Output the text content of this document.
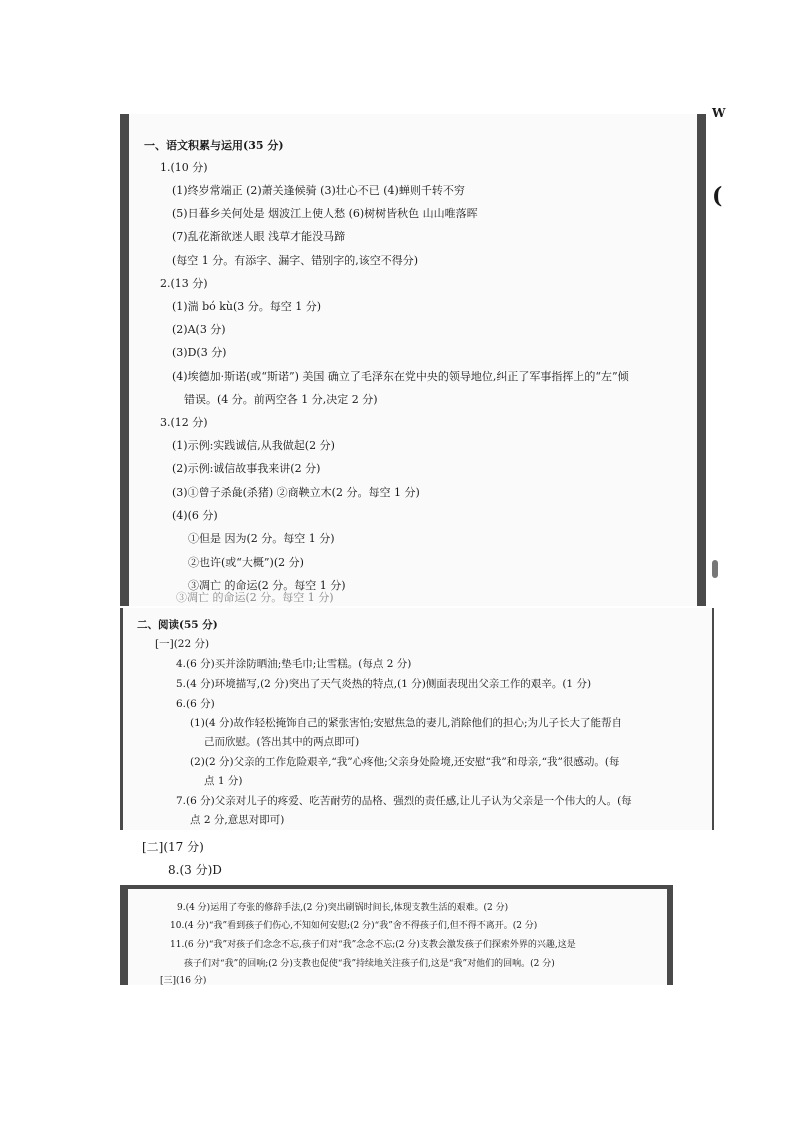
一、语文积累与运用(35 分)
1.(10 分)
(1)终岁常端正 (2)萧关逢候骑 (3)壮心不已 (4)蝉则千转不穷
(5)日暮乡关何处是 烟波江上使人愁 (6)树树皆秋色 山山唯落晖
(7)乱花渐欲迷人眼 浅草才能没马蹄
(每空 1 分。有添字、漏字、错别字的,该空不得分)
2.(13 分)
(1)湍 bó kù(3 分。每空 1 分)
(2)A(3 分)
(3)D(3 分)
(4)埃德加·斯诺(或“斯诺”) 美国 确立了毛泽东在党中央的领导地位,纠正了军事指挥上的“左”倾
错误。(4 分。前两空各 1 分,决定 2 分)
3.(12 分)
(1)示例:实践诚信,从我做起(2 分)
(2)示例:诚信故事我来讲(2 分)
(3)①曾子杀彘(杀猪) ②商鞅立木(2 分。每空 1 分)
(4)(6 分)
①但是 因为(2 分。每空 1 分)
②也许(或“大概”)(2 分)
③凋亡 的命运(2 分。每空 1 分)
③凋亡 的命运(2 分。每空 1 分)
W
(
二、阅读(55 分)
[一](22 分)
4.(6 分)买并涂防晒油;垫毛巾;让雪糕。(每点 2 分)
5.(4 分)环境描写,(2 分)突出了天气炎热的特点,(1 分)侧面表现出父亲工作的艰辛。(1 分)
6.(6 分)
(1)(4 分)故作轻松掩饰自己的紧张害怕;安慰焦急的妻儿,消除他们的担心;为儿子长大了能帮自
己而欣慰。(答出其中的两点即可)
(2)(2 分)父亲的工作危险艰辛,“我”心疼他;父亲身处险境,还安慰“我”和母亲,“我”很感动。(每
点 1 分)
7.(6 分)父亲对儿子的疼爱、吃苦耐劳的品格、强烈的责任感,让儿子认为父亲是一个伟大的人。(每
点 2 分,意思对即可)
[二](17 分)
8.(3 分)D
9.(4 分)运用了夸张的修辞手法,(2 分)突出刷锅时间长,体现支教生活的艰难。(2 分)
10.(4 分)“我”看到孩子们伤心,不知如何安慰;(2 分)“我”舍不得孩子们,但不得不离开。(2 分)
11.(6 分)“我”对孩子们念念不忘,孩子们对“我”念念不忘;(2 分)支教会激发孩子们探索外界的兴趣,这是
孩子们对“我”的回响;(2 分)支教也促使“我”持续地关注孩子们,这是“我”对他们的回响。(2 分)
[三](16 分)
